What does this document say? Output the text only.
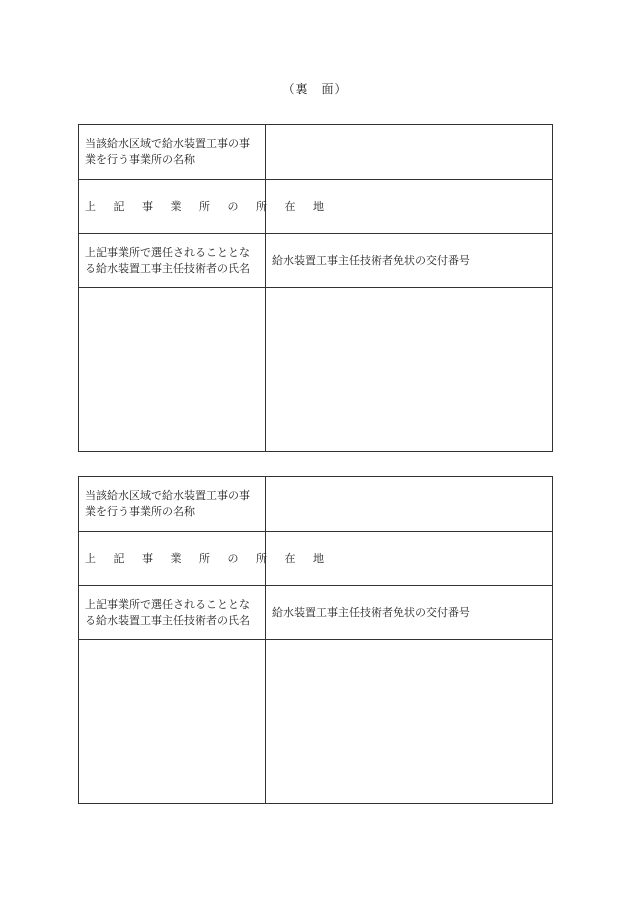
（裏　面）
当該給水区域で給水装置工事の事業を行う事業所の名称	
上 記 事 業 所 の 所 在 地	
上記事業所で選任されることとなる給水装置工事主任技術者の氏名	給水装置工事主任技術者免状の交付番号

当該給水区域で給水装置工事の事業を行う事業所の名称	
上 記 事 業 所 の 所 在 地	
上記事業所で選任されることとなる給水装置工事主任技術者の氏名	給水装置工事主任技術者免状の交付番号
